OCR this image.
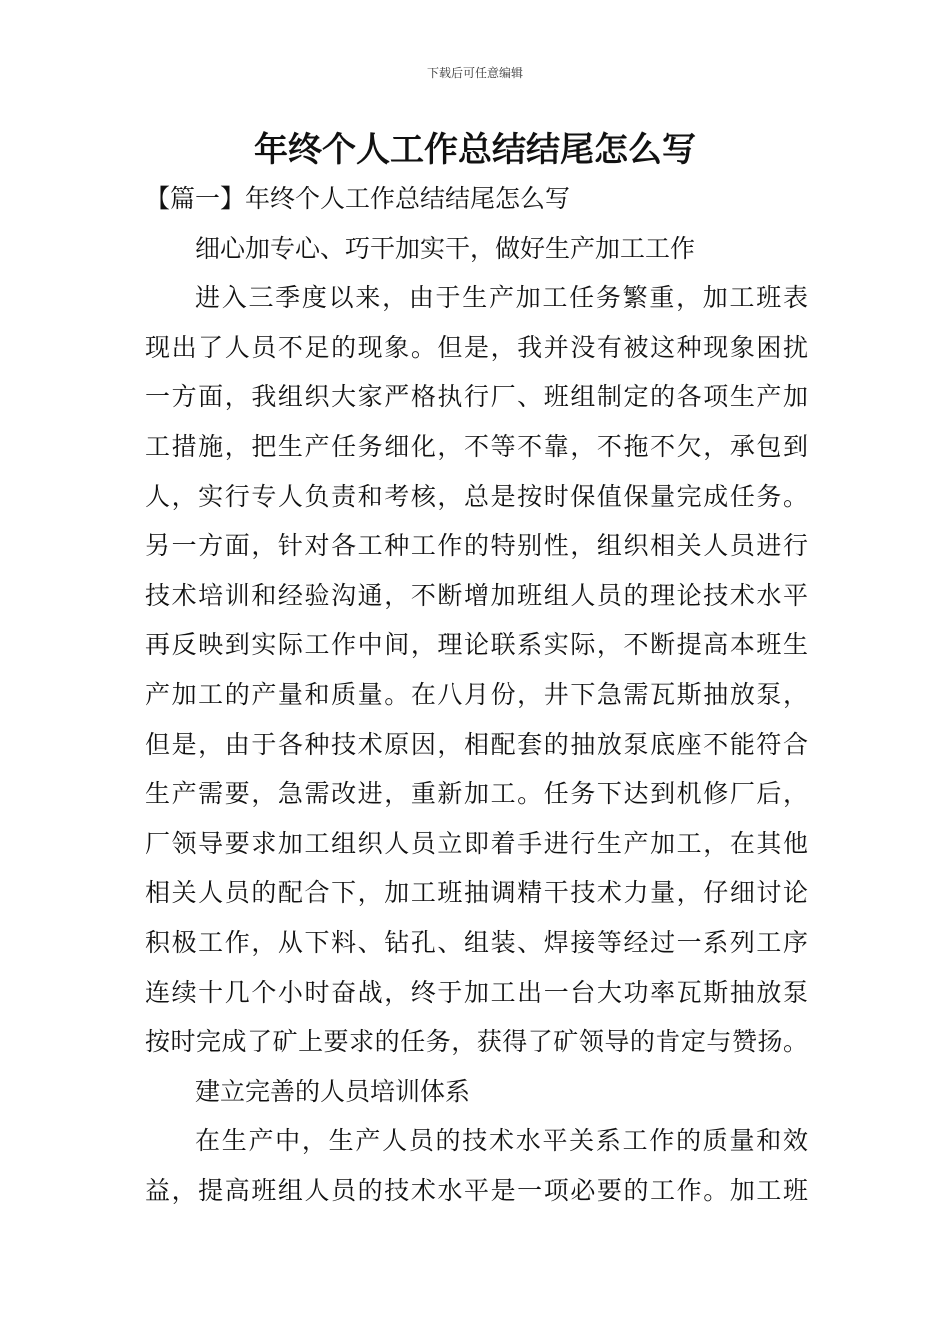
下载后可任意编辑
年终个人工作总结结尾怎么写
【篇一】年终个人工作总结结尾怎么写
细心加专心、巧干加实干，做好生产加工工作
进入三季度以来，由于生产加工任务繁重，加工班表
现出了人员不足的现象。但是，我并没有被这种现象困扰
一方面，我组织大家严格执行厂、班组制定的各项生产加
工措施，把生产任务细化，不等不靠，不拖不欠，承包到
人，实行专人负责和考核，总是按时保值保量完成任务。
另一方面，针对各工种工作的特别性，组织相关人员进行
技术培训和经验沟通，不断增加班组人员的理论技术水平
再反映到实际工作中间，理论联系实际，不断提高本班生
产加工的产量和质量。在八月份，井下急需瓦斯抽放泵，
但是，由于各种技术原因，相配套的抽放泵底座不能符合
生产需要，急需改进，重新加工。任务下达到机修厂后，
厂领导要求加工组织人员立即着手进行生产加工，在其他
相关人员的配合下，加工班抽调精干技术力量，仔细讨论
积极工作，从下料、钻孔、组装、焊接等经过一系列工序
连续十几个小时奋战，终于加工出一台大功率瓦斯抽放泵
按时完成了矿上要求的任务，获得了矿领导的肯定与赞扬。
建立完善的人员培训体系
在生产中，生产人员的技术水平关系工作的质量和效
益，提高班组人员的技术水平是一项必要的工作。加工班
